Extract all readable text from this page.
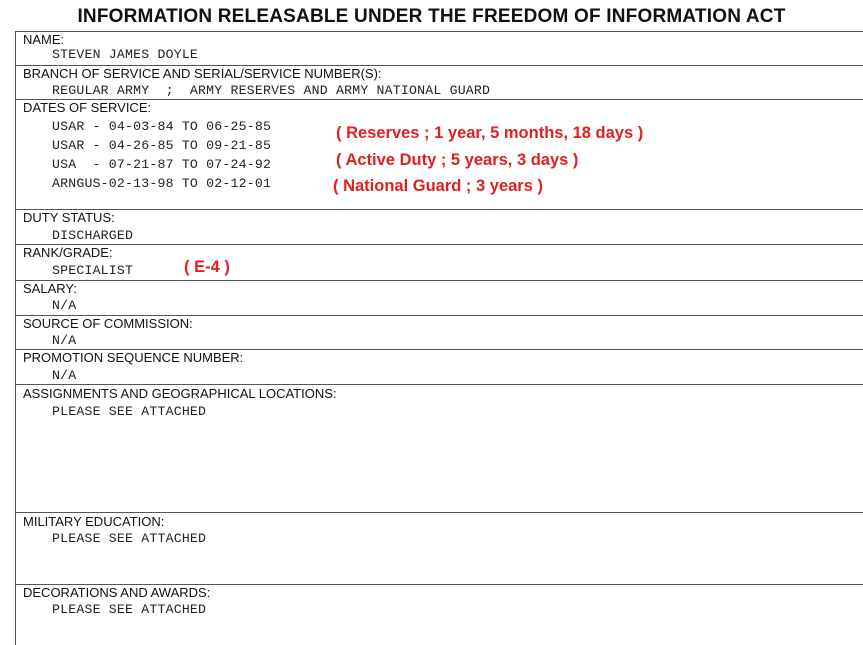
INFORMATION RELEASABLE UNDER THE FREEDOM OF INFORMATION ACT
NAME:
STEVEN JAMES DOYLE
BRANCH OF SERVICE AND SERIAL/SERVICE NUMBER(S):
REGULAR ARMY  ;  ARMY RESERVES AND ARMY NATIONAL GUARD
DATES OF SERVICE:
USAR - 04-03-84 TO 06-25-85
USAR - 04-26-85 TO 09-21-85
USA  - 07-21-87 TO 07-24-92
ARNGUS-02-13-98 TO 02-12-01
( Reserves ; 1 year, 5 months, 18 days )
( Active Duty ; 5 years, 3 days )
( National Guard ; 3 years )
DUTY STATUS:
DISCHARGED
RANK/GRADE:
SPECIALIST	( E-4 )
SALARY:
N/A
SOURCE OF COMMISSION:
N/A
PROMOTION SEQUENCE NUMBER:
N/A
ASSIGNMENTS AND GEOGRAPHICAL LOCATIONS:
PLEASE SEE ATTACHED
MILITARY EDUCATION:
PLEASE SEE ATTACHED
DECORATIONS AND AWARDS:
PLEASE SEE ATTACHED
